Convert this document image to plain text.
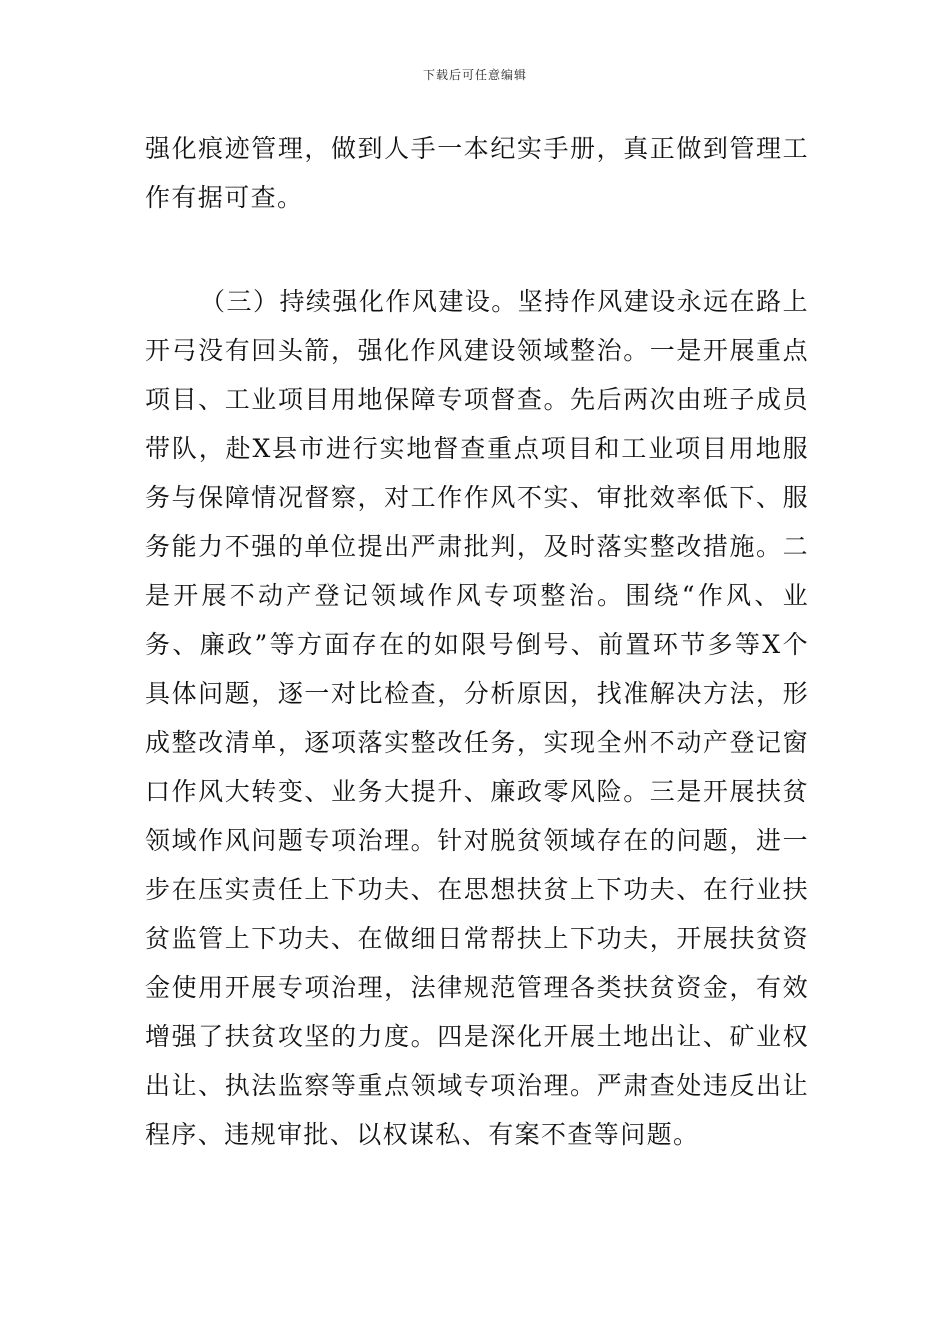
下载后可任意编辑

强化痕迹管理，做到人手一本纪实手册，真正做到管理工作有据可查。

（三）持续强化作风建设。坚持作风建设永远在路上开弓没有回头箭，强化作风建设领域整治。一是开展重点项目、工业项目用地保障专项督查。先后两次由班子成员带队，赴X县市进行实地督查重点项目和工业项目用地服务与保障情况督察，对工作作风不实、审批效率低下、服务能力不强的单位提出严肃批判，及时落实整改措施。二是开展不动产登记领域作风专项整治。围绕“作风、业务、廉政”等方面存在的如限号倒号、前置环节多等X个具体问题，逐一对比检查，分析原因，找准解决方法，形成整改清单，逐项落实整改任务，实现全州不动产登记窗口作风大转变、业务大提升、廉政零风险。三是开展扶贫领域作风问题专项治理。针对脱贫领域存在的问题，进一步在压实责任上下功夫、在思想扶贫上下功夫、在行业扶贫监管上下功夫、在做细日常帮扶上下功夫，开展扶贫资金使用开展专项治理，法律规范管理各类扶贫资金，有效增强了扶贫攻坚的力度。四是深化开展土地出让、矿业权出让、执法监察等重点领域专项治理。严肃查处违反出让程序、违规审批、以权谋私、有案不查等问题。
